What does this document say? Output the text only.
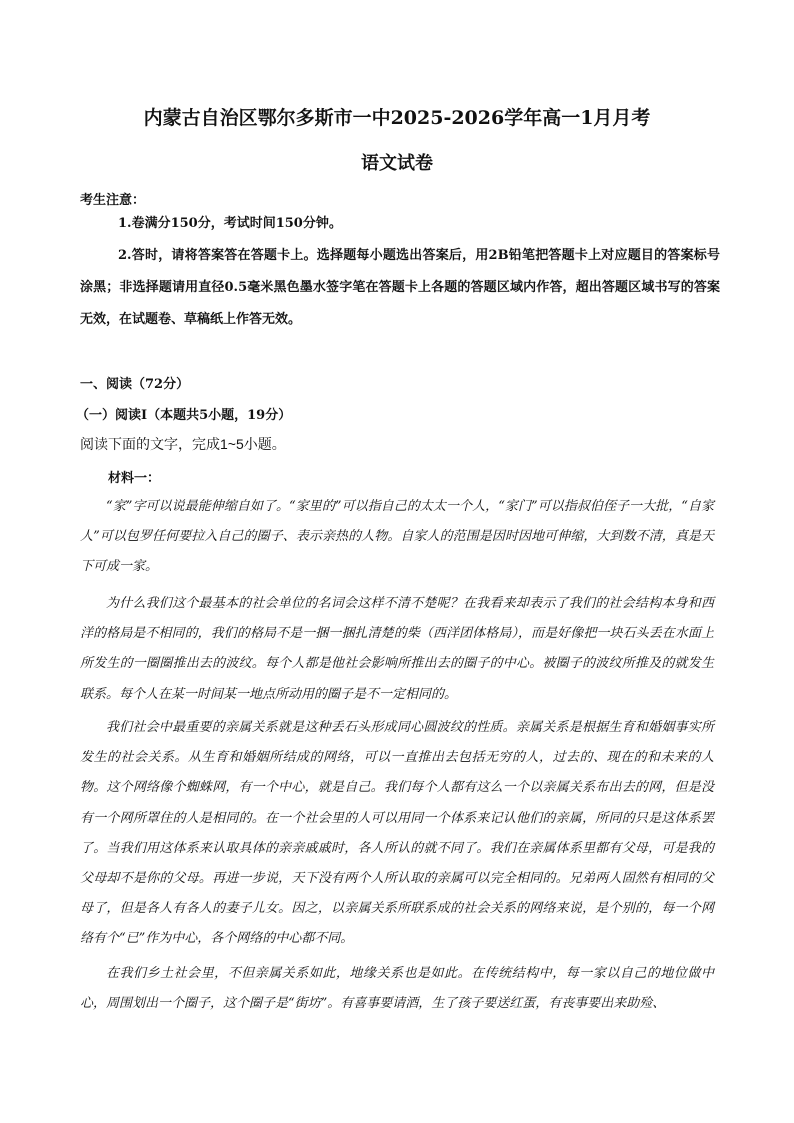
内蒙古自治区鄂尔多斯市一中2025-2026学年高一1月月考
语文试卷
考生注意：
1.卷满分150分，考试时间150分钟。
2.答时，请将答案答在答题卡上。选择题每小题选出答案后，用2B铅笔把答题卡上对应题目的答案标号涂黑；非选择题请用直径0.5毫米黑色墨水签字笔在答题卡上各题的答题区域内作答，超出答题区域书写的答案无效，在试题卷、草稿纸上作答无效。
一、阅读（72分）
（一）阅读Ⅰ（本题共5小题，19分）
阅读下面的文字，完成1~5小题。
材料一：
“家”字可以说最能伸缩自如了。“家里的”可以指自己的太太一个人，“家门”可以指叔伯侄子一大批，“自家人”可以包罗任何要拉入自己的圈子、表示亲热的人物。自家人的范围是因时因地可伸缩，大到数不清，真是天下可成一家。
为什么我们这个最基本的社会单位的名词会这样不清不楚呢？在我看来却表示了我们的社会结构本身和西洋的格局是不相同的，我们的格局不是一捆一捆扎清楚的柴（西洋团体格局），而是好像把一块石头丢在水面上所发生的一圈圈推出去的波纹。每个人都是他社会影响所推出去的圈子的中心。被圈子的波纹所推及的就发生联系。每个人在某一时间某一地点所动用的圈子是不一定相同的。
我们社会中最重要的亲属关系就是这种丢石头形成同心圆波纹的性质。亲属关系是根据生育和婚姻事实所发生的社会关系。从生育和婚姻所结成的网络，可以一直推出去包括无穷的人，过去的、现在的和未来的人物。这个网络像个蜘蛛网，有一个中心，就是自己。我们每个人都有这么一个以亲属关系布出去的网，但是没有一个网所罩住的人是相同的。在一个社会里的人可以用同一个体系来记认他们的亲属，所同的只是这体系罢了。当我们用这体系来认取具体的亲亲戚戚时，各人所认的就不同了。我们在亲属体系里都有父母，可是我的父母却不是你的父母。再进一步说，天下没有两个人所认取的亲属可以完全相同的。兄弟两人固然有相同的父母了，但是各人有各人的妻子儿女。因之，以亲属关系所联系成的社会关系的网络来说，是个别的，每一个网络有个“已”作为中心，各个网络的中心都不同。
在我们乡土社会里，不但亲属关系如此，地缘关系也是如此。在传统结构中，每一家以自己的地位做中心，周围划出一个圈子，这个圈子是“街坊”。有喜事要请酒，生了孩子要送红蛋，有丧事要出来助殓、
